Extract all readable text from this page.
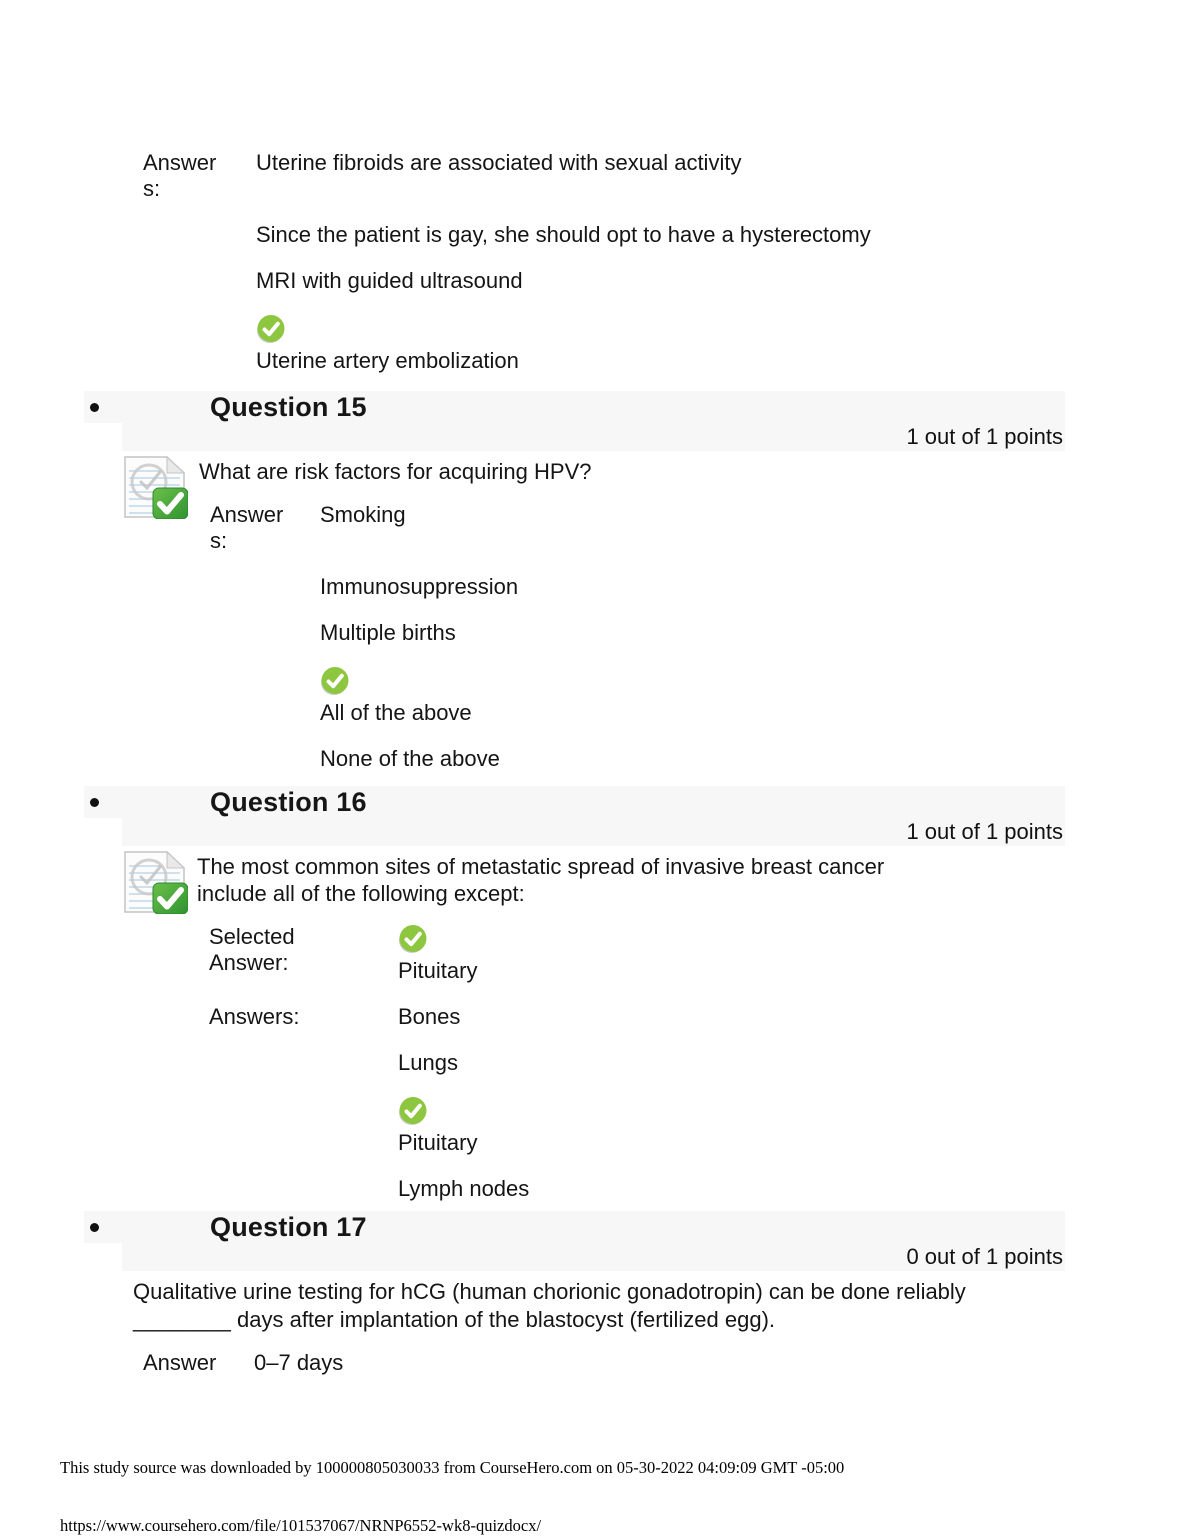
Answers:
Uterine fibroids are associated with sexual activity
Since the patient is gay, she should opt to have a hysterectomy
MRI with guided ultrasound
Uterine artery embolization
Question 15
1 out of 1 points

What are risk factors for acquiring HPV?

Answers:
Smoking
Immunosuppression
Multiple births
All of the above
None of the above
Question 16
1 out of 1 points

The most common sites of metastatic spread of invasive breast cancer include all of the following except:

Selected Answer:	Pituitary
Answers:	Bones
Lungs
Pituitary
Lymph nodes
Question 17
0 out of 1 points

Qualitative urine testing for hCG (human chorionic gonadotropin) can be done reliably ________ days after implantation of the blastocyst (fertilized egg).

Answer	0–7 days
This study source was downloaded by 100000805030033 from CourseHero.com on 05-30-2022 04:09:09 GMT -05:00
https://www.coursehero.com/file/101537067/NRNP6552-wk8-quizdocx/
